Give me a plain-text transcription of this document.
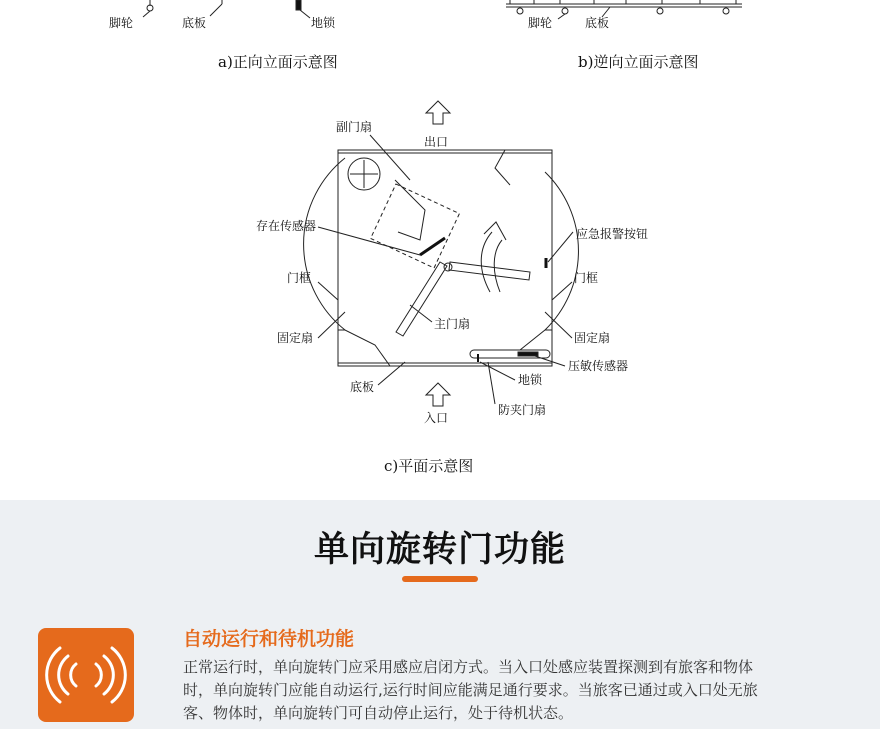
脚轮	底板	地锁
a)正向立面示意图
脚轮	底板
b)逆向立面示意图
副门扇
出口
存在传感器
应急报警按钮
门框	门框
主门扇
固定扇	固定扇
压敏传感器
地锁
底板
入口
防夹门扇
c)平面示意图
单向旋转门功能
自动运行和待机功能
正常运行时，单向旋转门应采用感应启闭方式。当入口处感应装置探测到有旅客和物体
时，单向旋转门应能自动运行,运行时间应能满足通行要求。当旅客已通过或入口处无旅
客、物体时，单向旋转门可自动停止运行，处于待机状态。
